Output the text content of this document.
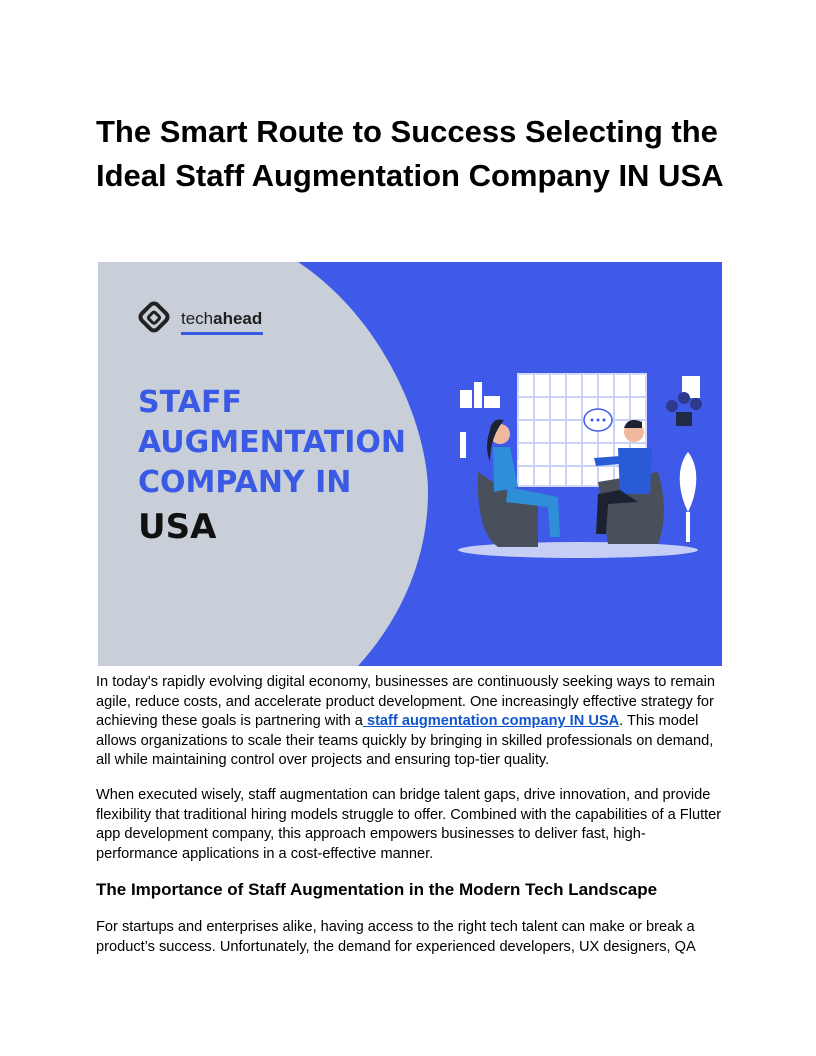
The Smart Route to Success Selecting the Ideal Staff Augmentation Company IN USA
techahead
STAFF
AUGMENTATION
COMPANY IN
USA

In today's rapidly evolving digital economy, businesses are continuously seeking ways to remain agile, reduce costs, and accelerate product development. One increasingly effective strategy for achieving these goals is partnering with a staff augmentation company IN USA. This model allows organizations to scale their teams quickly by bringing in skilled professionals on demand, all while maintaining control over projects and ensuring top-tier quality.

When executed wisely, staff augmentation can bridge talent gaps, drive innovation, and provide flexibility that traditional hiring models struggle to offer. Combined with the capabilities of a Flutter app development company, this approach empowers businesses to deliver fast, high-performance applications in a cost-effective manner.

The Importance of Staff Augmentation in the Modern Tech Landscape

For startups and enterprises alike, having access to the right tech talent can make or break a product’s success. Unfortunately, the demand for experienced developers, UX designers, QA
